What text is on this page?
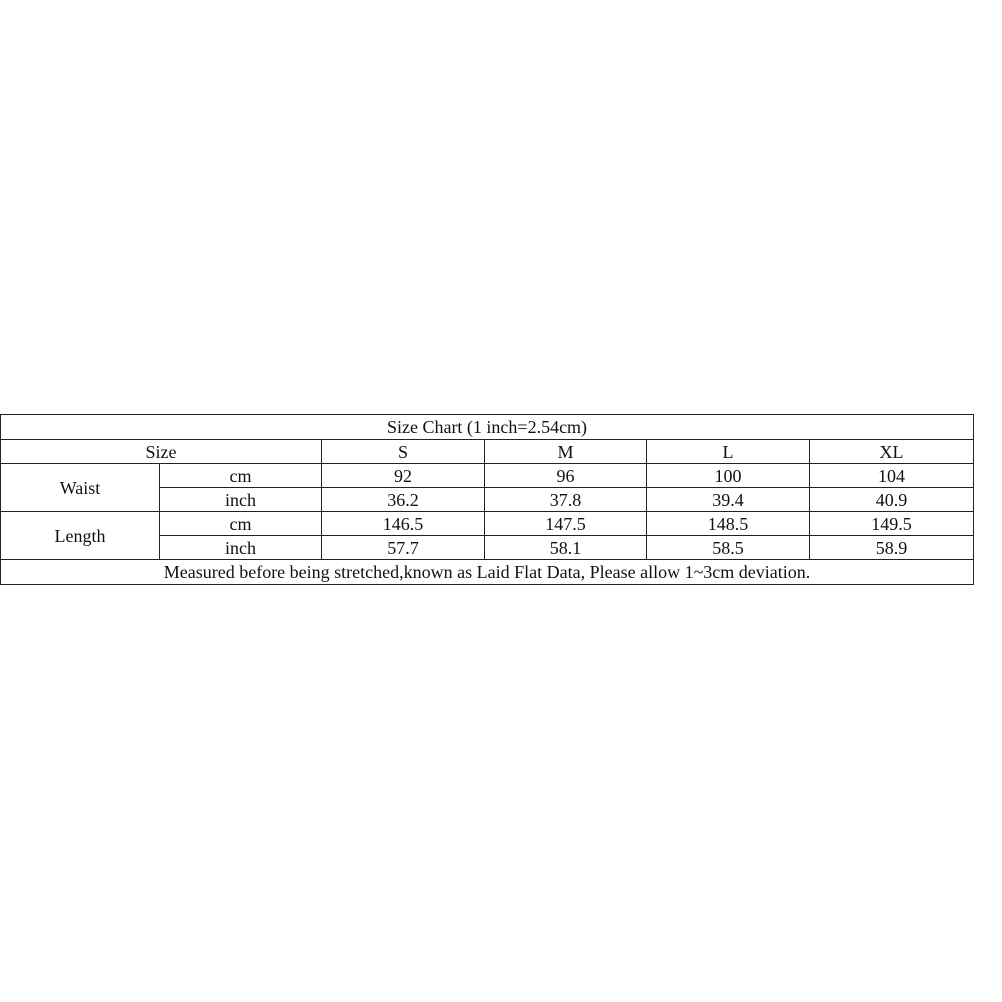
Size Chart (1 inch=2.54cm)					
Size		S	M	L	XL
Waist	cm	92	96	100	104
	inch	36.2	37.8	39.4	40.9
Length	cm	146.5	147.5	148.5	149.5
	inch	57.7	58.1	58.5	58.9
Measured before being stretched,known as Laid Flat Data, Please allow 1~3cm deviation.					
